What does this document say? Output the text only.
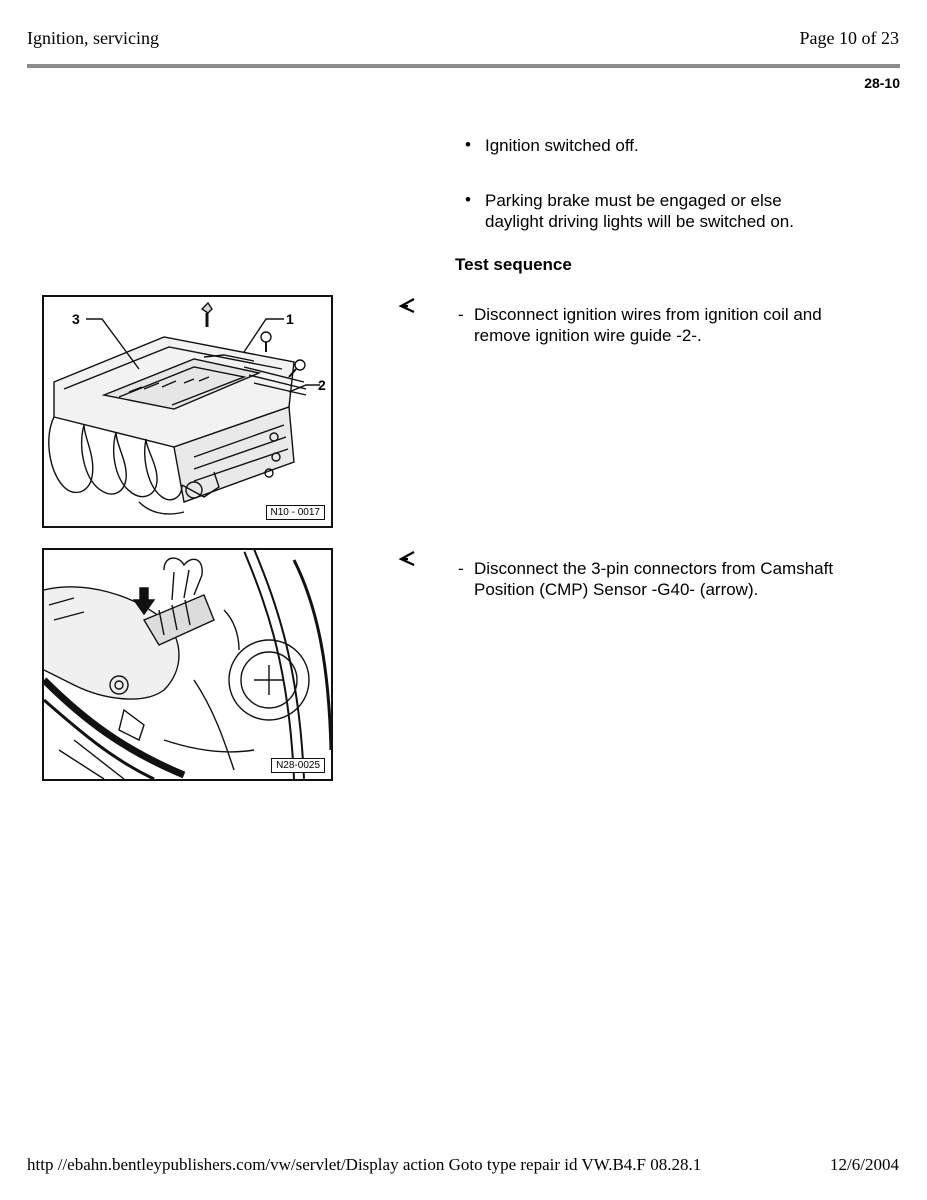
Ignition, servicing	Page 10 of 23
28-10
• Ignition switched off.
• Parking brake must be engaged or else daylight driving lights will be switched on.
Test sequence
- Disconnect ignition wires from ignition coil and remove ignition wire guide -2-.
3	1
2
N10 - 0017
- Disconnect the 3-pin connectors from Camshaft Position (CMP) Sensor -G40- (arrow).
N28-0025
http //ebahn.bentleypublishers.com/vw/servlet/Display action Goto type repair id VW.B4.F 08.28.1	12/6/2004
